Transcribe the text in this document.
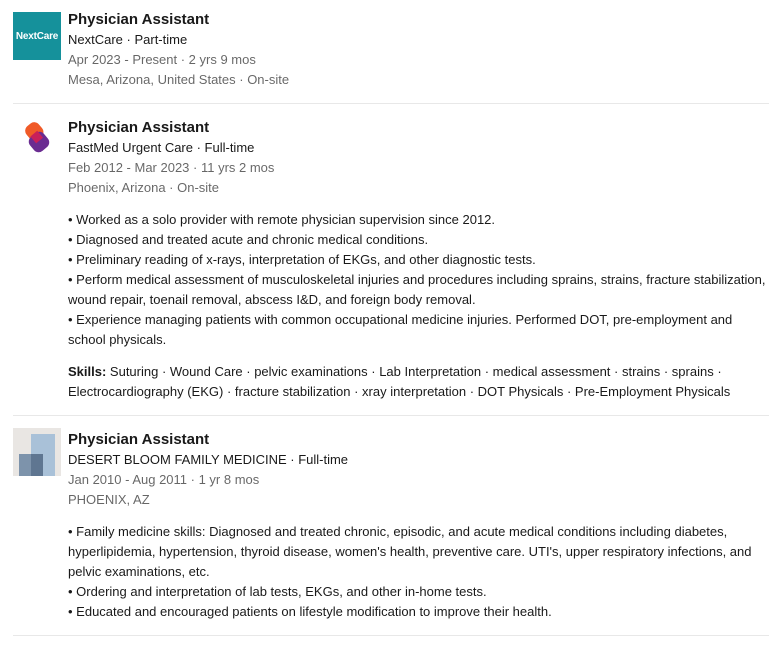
NextCare
Physician Assistant
NextCare · Part-time
Apr 2023 - Present · 2 yrs 9 mos
Mesa, Arizona, United States · On-site
Physician Assistant
FastMed Urgent Care · Full-time
Feb 2012 - Mar 2023 · 11 yrs 2 mos
Phoenix, Arizona · On-site
• Worked as a solo provider with remote physician supervision since 2012.
• Diagnosed and treated acute and chronic medical conditions.
• Preliminary reading of x-rays, interpretation of EKGs, and other diagnostic tests.
• Perform medical assessment of musculoskeletal injuries and procedures including sprains, strains, fracture stabilization, wound repair, toenail removal, abscess I&D, and foreign body removal.
• Experience managing patients with common occupational medicine injuries. Performed DOT, pre-employment and school physicals.
Skills: Suturing · Wound Care · pelvic examinations · Lab Interpretation · medical assessment · strains · sprains · Electrocardiography (EKG) · fracture stabilization · xray interpretation · DOT Physicals · Pre-Employment Physicals
Physician Assistant
DESERT BLOOM FAMILY MEDICINE · Full-time
Jan 2010 - Aug 2011 · 1 yr 8 mos
PHOENIX, AZ
• Family medicine skills: Diagnosed and treated chronic, episodic, and acute medical conditions including diabetes, hyperlipidemia, hypertension, thyroid disease, women's health, preventive care. UTI's, upper respiratory infections, and pelvic examinations, etc.
• Ordering and interpretation of lab tests, EKGs, and other in-home tests.
• Educated and encouraged patients on lifestyle modification to improve their health.
